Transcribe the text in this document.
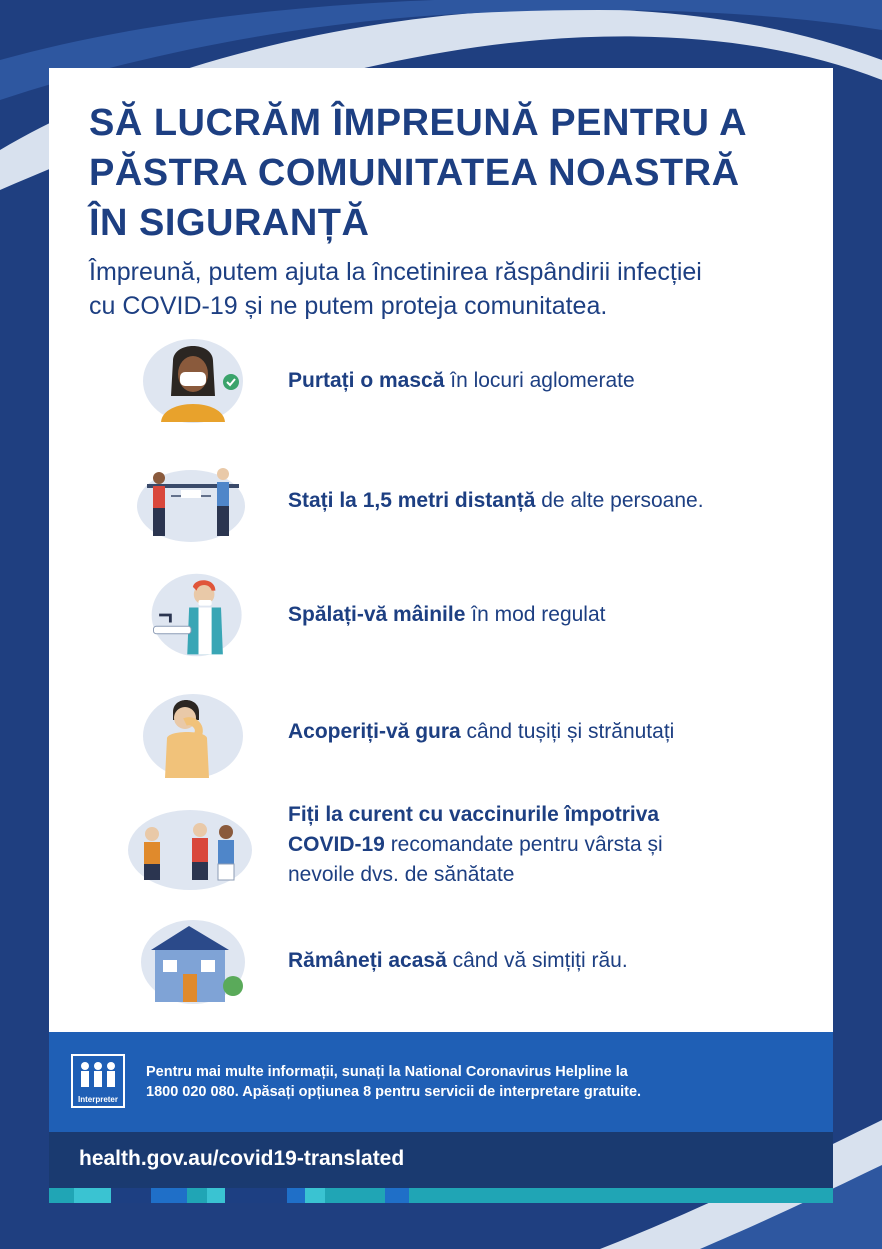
SĂ LUCRĂM ÎMPREUNĂ PENTRU A
PĂSTRA COMUNITATEA NOASTRĂ
ÎN SIGURANȚĂ

Împreună, putem ajuta la încetinirea răspândirii infecției
cu COVID-19 și ne putem proteja comunitatea.

Purtați o mască în locuri aglomerate
Stați la 1,5 metri distanță de alte persoane.
Spălați-vă mâinile în mod regulat
Acoperiți-vă gura când tușiți și strănutați
Fiți la curent cu vaccinurile împotriva
COVID-19 recomandate pentru vârsta și
nevoile dvs. de sănătate
Rămâneți acasă când vă simțiți rău.
Interpreter
Pentru mai multe informații, sunați la National Coronavirus Helpline la
1800 020 080. Apăsați opțiunea 8 pentru servicii de interpretare gratuite.
health.gov.au/covid19-translated
